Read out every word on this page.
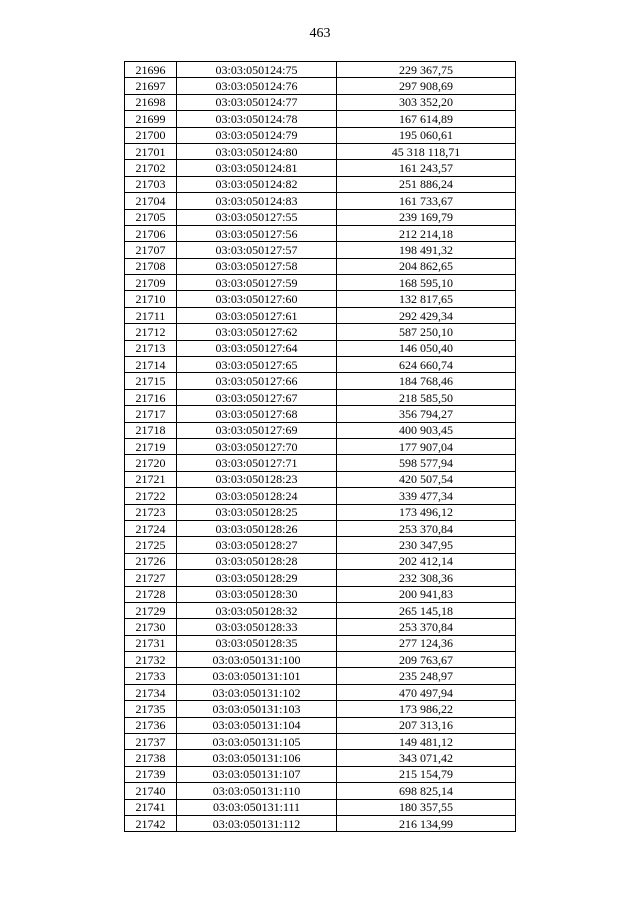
463
21696	03:03:050124:75	229 367,75
21697	03:03:050124:76	297 908,69
21698	03:03:050124:77	303 352,20
21699	03:03:050124:78	167 614,89
21700	03:03:050124:79	195 060,61
21701	03:03:050124:80	45 318 118,71
21702	03:03:050124:81	161 243,57
21703	03:03:050124:82	251 886,24
21704	03:03:050124:83	161 733,67
21705	03:03:050127:55	239 169,79
21706	03:03:050127:56	212 214,18
21707	03:03:050127:57	198 491,32
21708	03:03:050127:58	204 862,65
21709	03:03:050127:59	168 595,10
21710	03:03:050127:60	132 817,65
21711	03:03:050127:61	292 429,34
21712	03:03:050127:62	587 250,10
21713	03:03:050127:64	146 050,40
21714	03:03:050127:65	624 660,74
21715	03:03:050127:66	184 768,46
21716	03:03:050127:67	218 585,50
21717	03:03:050127:68	356 794,27
21718	03:03:050127:69	400 903,45
21719	03:03:050127:70	177 907,04
21720	03:03:050127:71	598 577,94
21721	03:03:050128:23	420 507,54
21722	03:03:050128:24	339 477,34
21723	03:03:050128:25	173 496,12
21724	03:03:050128:26	253 370,84
21725	03:03:050128:27	230 347,95
21726	03:03:050128:28	202 412,14
21727	03:03:050128:29	232 308,36
21728	03:03:050128:30	200 941,83
21729	03:03:050128:32	265 145,18
21730	03:03:050128:33	253 370,84
21731	03:03:050128:35	277 124,36
21732	03:03:050131:100	209 763,67
21733	03:03:050131:101	235 248,97
21734	03:03:050131:102	470 497,94
21735	03:03:050131:103	173 986,22
21736	03:03:050131:104	207 313,16
21737	03:03:050131:105	149 481,12
21738	03:03:050131:106	343 071,42
21739	03:03:050131:107	215 154,79
21740	03:03:050131:110	698 825,14
21741	03:03:050131:111	180 357,55
21742	03:03:050131:112	216 134,99
